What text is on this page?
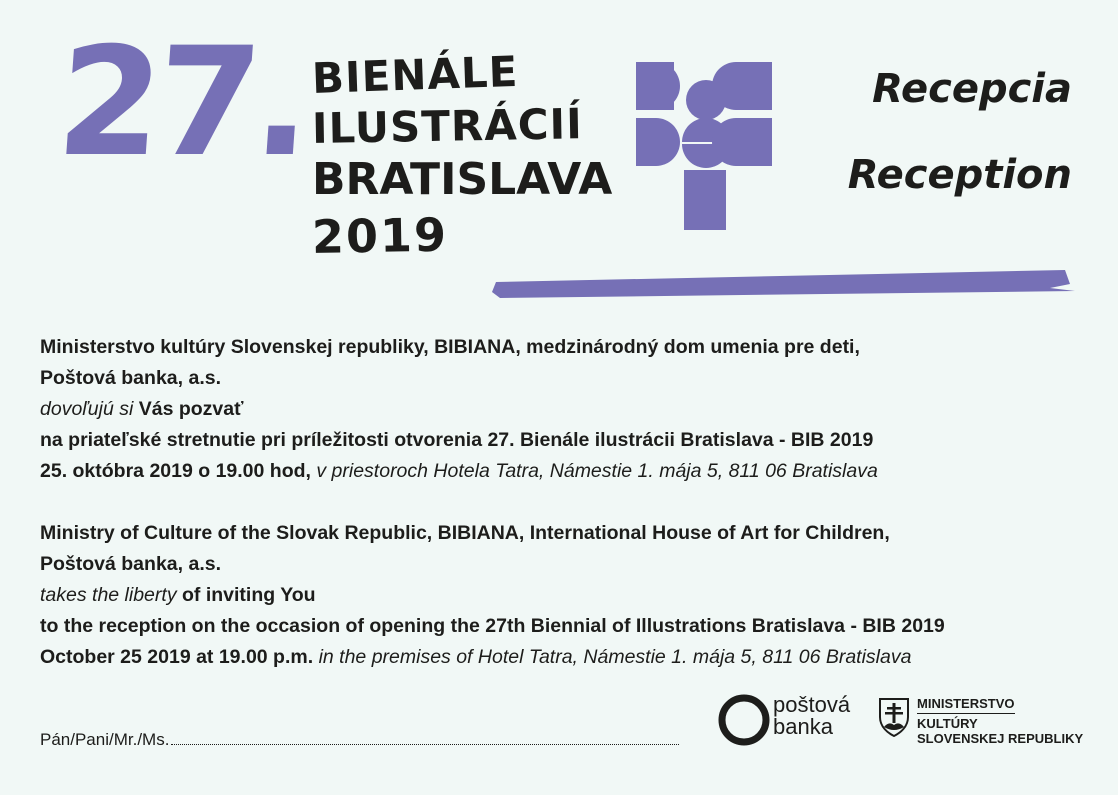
27. BIENÁLE
ILUSTRÁCIÍ
BRATISLAVA
2019
Recepcia
Reception
Ministerstvo kultúry Slovenskej republiky, BIBIANA, medzinárodný dom umenia pre deti,
Poštová banka, a.s.
dovoľujú si Vás pozvať
na priateľské stretnutie pri príležitosti otvorenia 27. Bienále ilustrácii Bratislava - BIB 2019
25. októbra 2019 o 19.00 hod, v priestoroch Hotela Tatra, Námestie 1. mája 5, 811 06 Bratislava
Ministry of Culture of the Slovak Republic, BIBIANA, International House of Art for Children,
Poštová banka, a.s.
takes the liberty of inviting You
to the reception on the occasion of opening the 27th Biennial of Illustrations Bratislava - BIB 2019
October 25 2019 at 19.00 p.m. in the premises of Hotel Tatra, Námestie 1. mája 5, 811 06 Bratislava
Pán/Pani/Mr./Ms.
poštová
banka
MINISTERSTVO
KULTÚRY
SLOVENSKEJ REPUBLIKY
